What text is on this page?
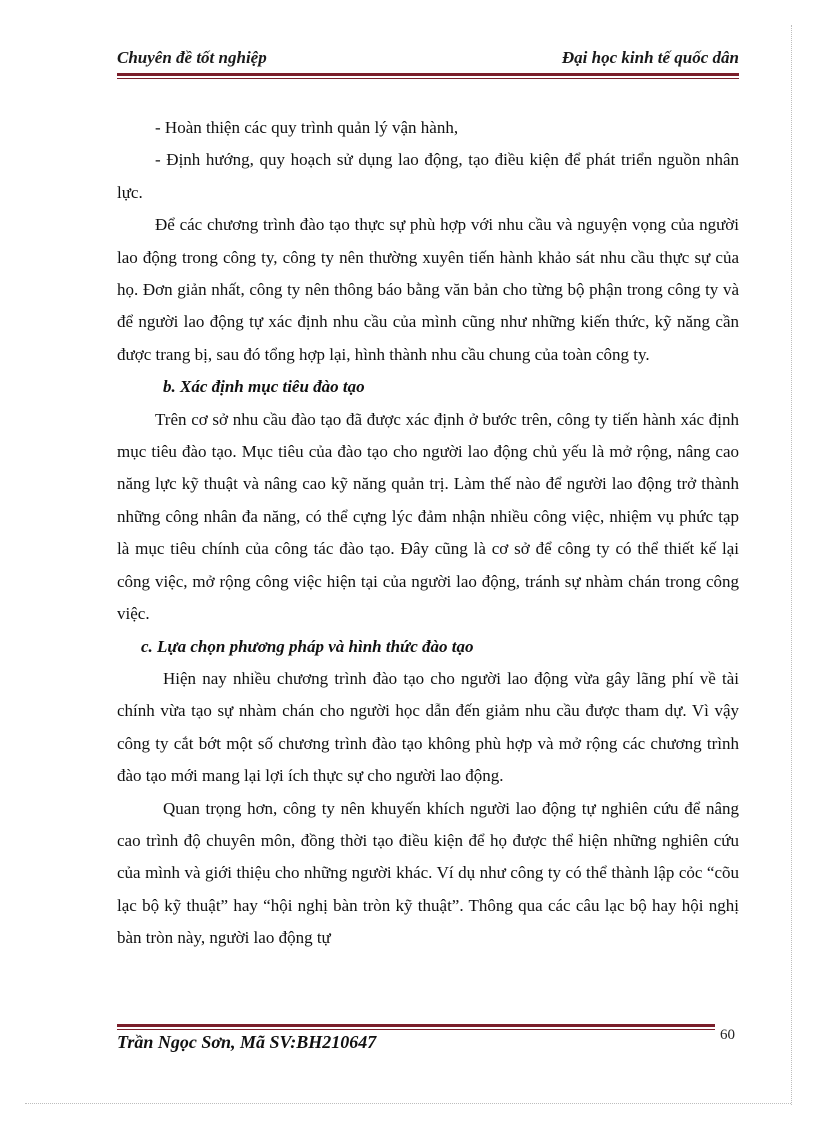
Chuyên đề tốt nghiệp	Đại học kinh tế quốc dân

- Hoàn thiện các quy trình quản lý vận hành,

- Định hướng, quy hoạch sử dụng lao động, tạo điều kiện để phát triển nguồn nhân lực.

Để các chương trình đào tạo thực sự phù hợp với nhu cầu và nguyện vọng của người lao động trong công ty, công ty nên thường xuyên tiến hành khảo sát nhu cầu thực sự của họ. Đơn giản nhất, công ty nên thông báo bằng văn bản cho từng bộ phận trong công ty và để người lao động tự xác định nhu cầu của mình cũng như những kiến thức, kỹ năng cần được trang bị, sau đó tổng hợp lại, hình thành nhu cầu chung của toàn công ty.

b. Xác định mục tiêu đào tạo

Trên cơ sở nhu cầu đào tạo đã được xác định ở bước trên, công ty tiến hành xác định mục tiêu đào tạo. Mục tiêu của đào tạo cho người lao động chủ yếu là mở rộng, nâng cao năng lực kỹ thuật và nâng cao kỹ năng quản trị. Làm thế nào để người lao động trở thành những công nhân đa năng, có thể cựng lýc đảm nhận nhiều công việc, nhiệm vụ phức tạp là mục tiêu chính của công tác đào tạo. Đây cũng là cơ sở để công ty có thể thiết kế lại công việc, mở rộng công việc hiện tại của người lao động, tránh sự nhàm chán trong công việc.

c. Lựa chọn phương pháp và hình thức đào tạo

Hiện nay nhiều chương trình đào tạo cho người lao động vừa gây lãng phí về tài chính vừa tạo sự nhàm chán cho người học dẫn đến giảm nhu cầu được tham dự. Vì vậy công ty cắt bớt một số chương trình đào tạo không phù hợp và mở rộng các chương trình đào tạo mới mang lại lợi ích thực sự cho người lao động.

Quan trọng hơn, công ty nên khuyến khích người lao động tự nghiên cứu để nâng cao trình độ chuyên môn, đồng thời tạo điều kiện để họ được thể hiện những nghiên cứu của mình và giới thiệu cho những người khác. Ví dụ như công ty có thể thành lập cỏc “cõu lạc bộ kỹ thuật” hay “hội nghị bàn tròn kỹ thuật”. Thông qua các câu lạc bộ hay hội nghị bàn tròn này, người lao động tự

60
Trần Ngọc Sơn, Mã SV:BH210647
